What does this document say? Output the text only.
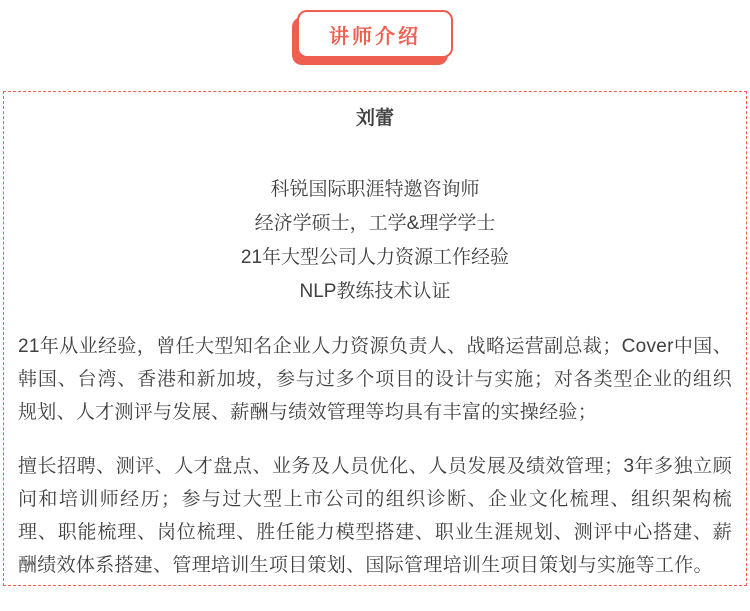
讲师介绍
刘蕾

科锐国际职涯特邀咨询师

经济学硕士，工学&理学学士

21年大型公司人力资源工作经验

NLP教练技术认证

21年从业经验，曾任大型知名企业人力资源负责人、战略运营副总裁；Cover中国、韩国、台湾、香港和新加坡，参与过多个项目的设计与实施；对各类型企业的组织规划、人才测评与发展、薪酬与绩效管理等均具有丰富的实操经验；

擅长招聘、测评、人才盘点、业务及人员优化、人员发展及绩效管理；3年多独立顾问和培训师经历；参与过大型上市公司的组织诊断、企业文化梳理、组织架构梳理、职能梳理、岗位梳理、胜任能力模型搭建、职业生涯规划、测评中心搭建、薪酬绩效体系搭建、管理培训生项目策划、国际管理培训生项目策划与实施等工作。
